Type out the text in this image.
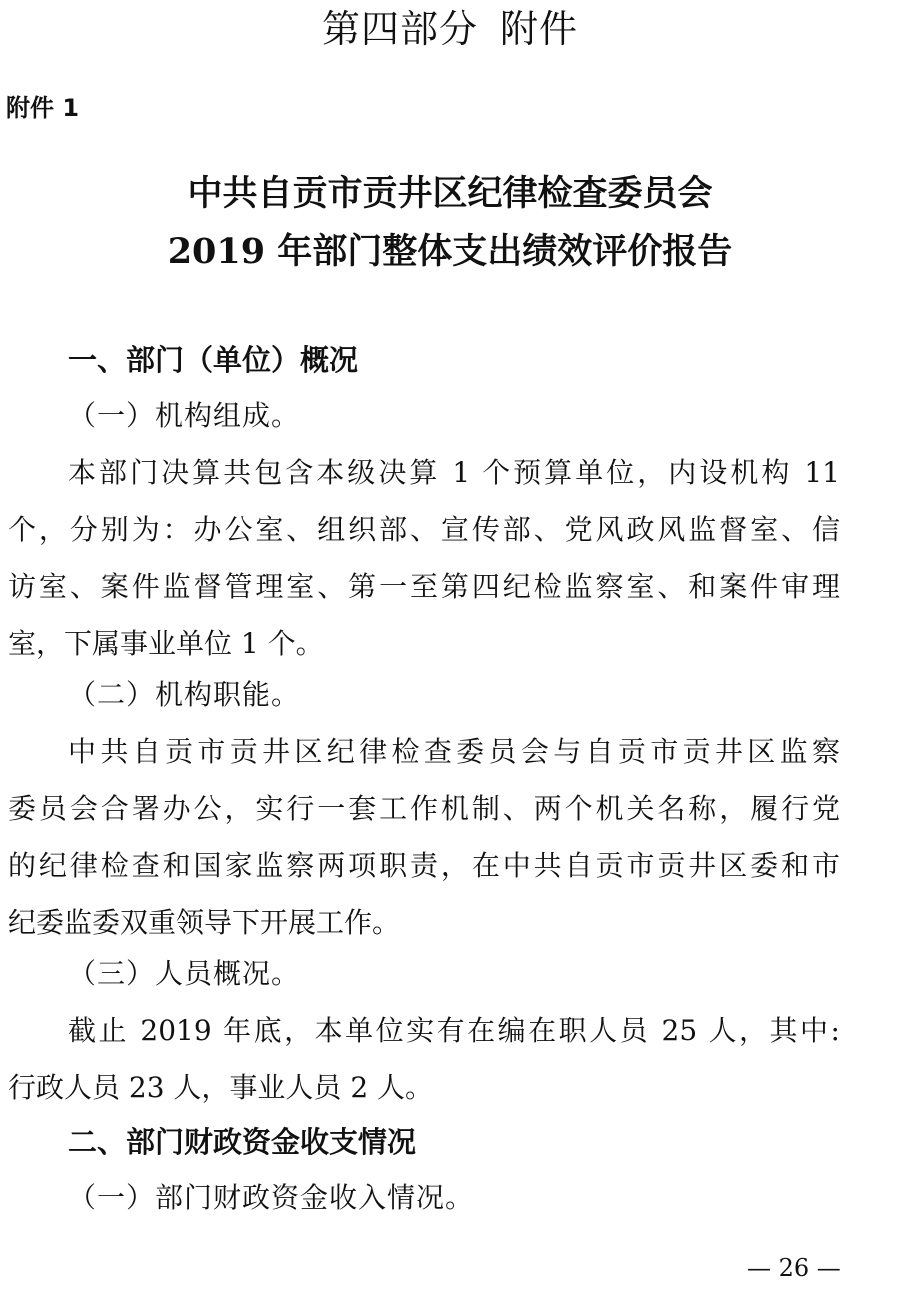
第四部分 附件
附件 1
中共自贡市贡井区纪律检查委员会
2019 年部门整体支出绩效评价报告
一、部门（单位）概况
（一）机构组成。
本部门决算共包含本级决算 1 个预算单位，内设机构 11
个，分别为：办公室、组织部、宣传部、党风政风监督室、信
访室、案件监督管理室、第一至第四纪检监察室、和案件审理
室，下属事业单位 1 个。
（二）机构职能。
中共自贡市贡井区纪律检查委员会与自贡市贡井区监察
委员会合署办公，实行一套工作机制、两个机关名称，履行党
的纪律检查和国家监察两项职责，在中共自贡市贡井区委和市
纪委监委双重领导下开展工作。
（三）人员概况。
截止 2019 年底，本单位实有在编在职人员 25 人，其中:
行政人员 23 人，事业人员 2 人。
二、部门财政资金收支情况
（一）部门财政资金收入情况。
— 26 —
